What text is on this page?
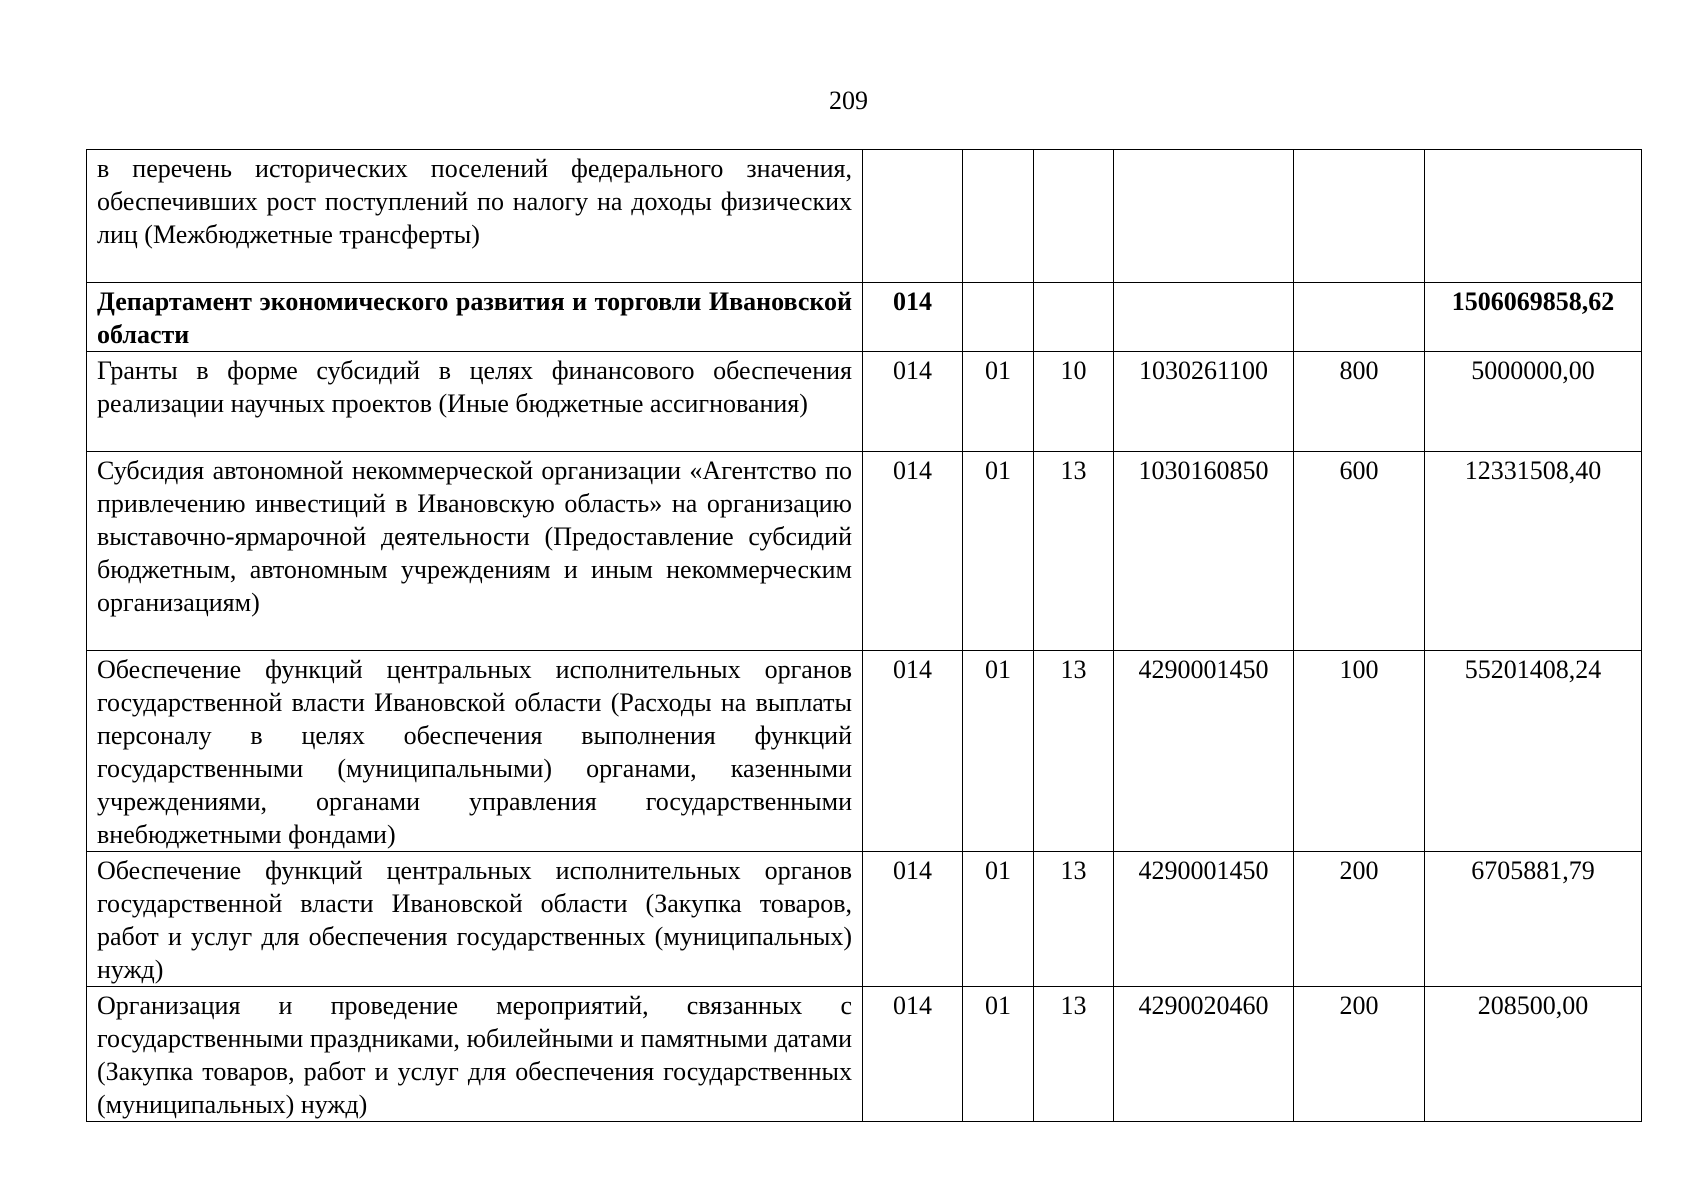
209
в перечень исторических поселений федерального значения, обеспечивших рост поступлений по налогу на доходы физических лиц (Межбюджетные трансферты)						
Департамент экономического развития и торговли Ивановской области	014					1506069858,62
Гранты в форме субсидий в целях финансового обеспечения реализации научных проектов (Иные бюджетные ассигнования)	014	01	10	1030261100	800	5000000,00
Субсидия автономной некоммерческой организации «Агентство по привлечению инвестиций в Ивановскую область» на организацию выставочно-ярмарочной деятельности (Предоставление субсидий бюджетным, автономным учреждениям и иным некоммерческим организациям)	014	01	13	1030160850	600	12331508,40
Обеспечение функций центральных исполнительных органов государственной власти Ивановской области (Расходы на выплаты персоналу в целях обеспечения выполнения функций государственными (муниципальными) органами, казенными учреждениями, органами управления государственными внебюджетными фондами)	014	01	13	4290001450	100	55201408,24
Обеспечение функций центральных исполнительных органов государственной власти Ивановской области (Закупка товаров, работ и услуг для обеспечения государственных (муниципальных) нужд)	014	01	13	4290001450	200	6705881,79
Организация и проведение мероприятий, связанных с государственными праздниками, юбилейными и памятными датами (Закупка товаров, работ и услуг для обеспечения государственных (муниципальных) нужд)	014	01	13	4290020460	200	208500,00
